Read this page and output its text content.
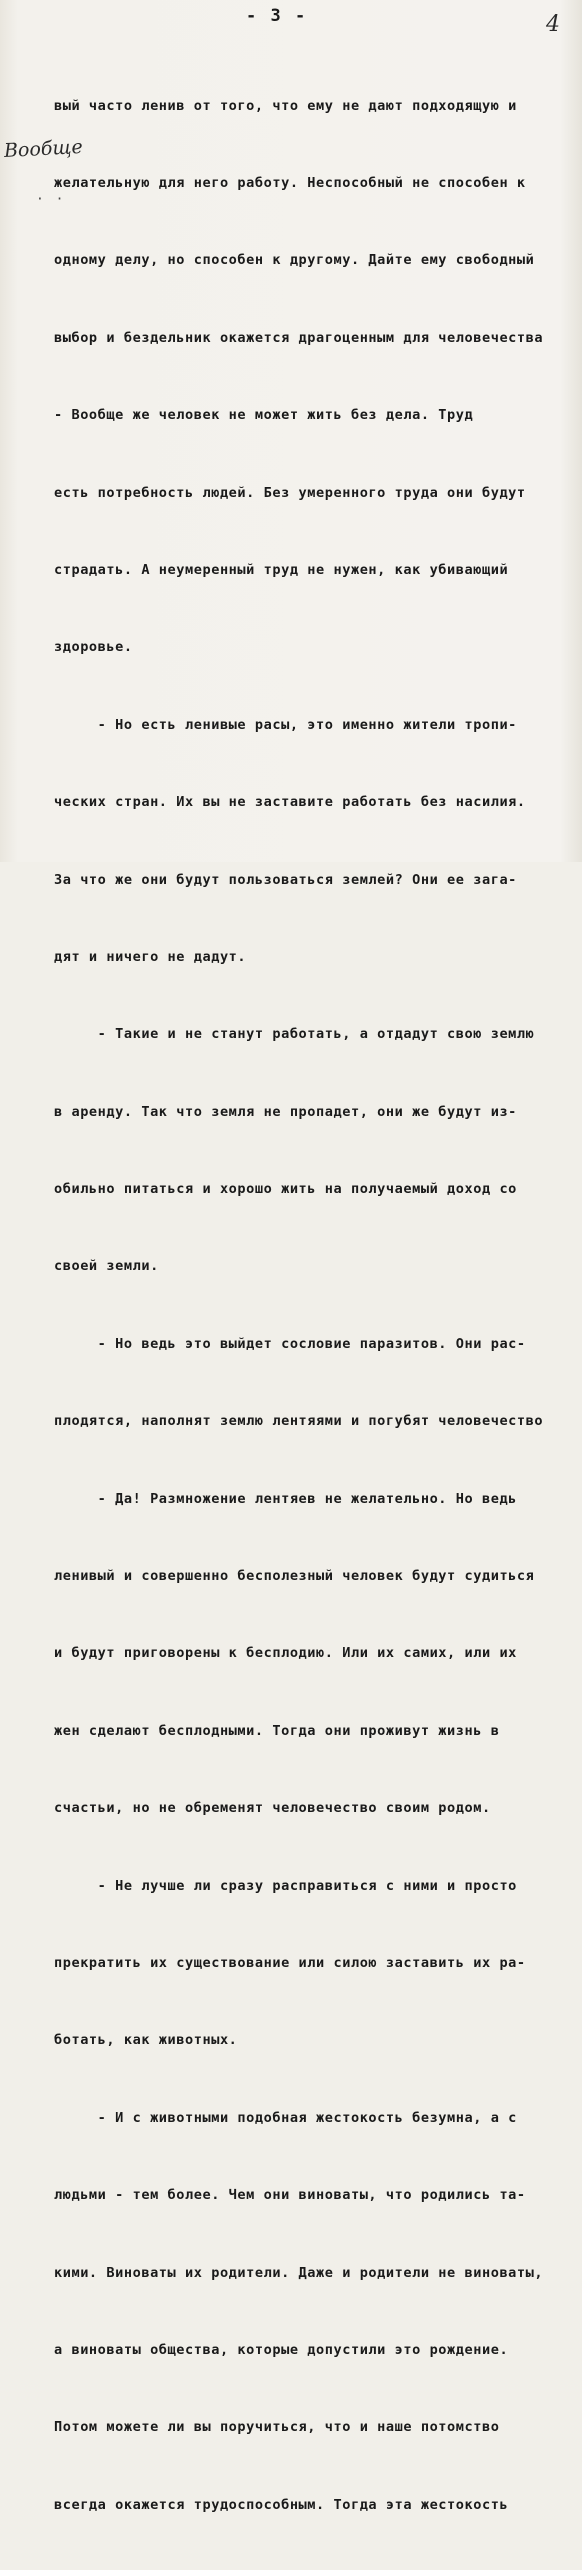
- 3 -	4
Вообще
· ·

вый часто ленив от того, что ему не дают подходящую и

желательную для него работу. Неспособный не способен к

одному делу, но способен к другому. Дайте ему свободный

выбор и бездельник окажется драгоценным для человечества

- Вообще же человек не может жить без дела. Труд

есть потребность людей. Без умеренного труда они будут

страдать. А неумеренный труд не нужен, как убивающий

здоровье.

- Но есть ленивые расы, это именно жители тропи-

ческих стран. Их вы не заставите работать без насилия.

За что же они будут пользоваться землей? Они ее зага-

дят и ничего не дадут.

- Такие и не станут работать, а отдадут свою землю

в аренду. Так что земля не пропадет, они же будут из-

обильно питаться и хорошо жить на получаемый доход со

своей земли.

- Но ведь это выйдет сословие паразитов. Они рас-

плодятся, наполнят землю лентяями и погубят человечество

- Да! Размножение лентяев не желательно. Но ведь

ленивый и совершенно бесполезный человек будут судиться

и будут приговорены к бесплодию. Или их самих, или их

жен сделают бесплодными. Тогда они проживут жизнь в

счастьи, но не обременят человечество своим родом.

- Не лучше ли сразу расправиться с ними и просто

прекратить их существование или силою заставить их ра-

ботать, как животных.

- И с животными подобная жестокость безумна, а с

людьми - тем более. Чем они виноваты, что родились та-

кими. Виноваты их родители. Даже и родители не виноваты,

а виноваты общества, которые допустили это рождение.

Потом можете ли вы поручиться, что и наше потомство

всегда окажется трудоспособным. Тогда эта жестокость
